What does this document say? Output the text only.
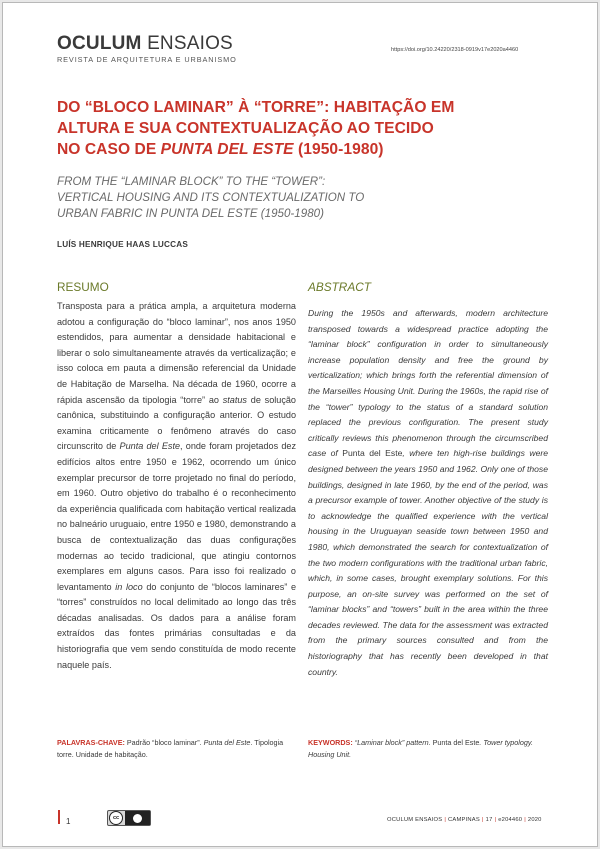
OCULUM ENSAIOS
REVISTA DE ARQUITETURA E URBANISMO
https://doi.org/10.24220/2318-0919v17e2020a4460
DO “BLOCO LAMINAR” À “TORRE”: HABITAÇÃO EM ALTURA E SUA CONTEXTUALIZAÇÃO AO TECIDO NO CASO DE PUNTA DEL ESTE (1950-1980)
FROM THE “LAMINAR BLOCK” TO THE “TOWER”:
VERTICAL HOUSING AND ITS CONTEXTUALIZATION TO
URBAN FABRIC IN PUNTA DEL ESTE (1950-1980)
LUÍS HENRIQUE HAAS LUCCAS
RESUMO	ABSTRACT

Transposta para a prática ampla, a arquitetura moderna adotou a configuração do “bloco laminar”, nos anos 1950 estendidos, para aumentar a densidade habitacional e liberar o solo simultaneamente através da verticalização; e isso coloca em pauta a dimensão referencial da Unidade de Habitação de Marselha. Na década de 1960, ocorre a rápida ascensão da tipologia “torre” ao status de solução canônica, substituindo a configuração anterior. O estudo examina criticamente o fenômeno através do caso circunscrito de Punta del Este, onde foram projetados dez edifícios altos entre 1950 e 1962, ocorrendo um único exemplar precursor de torre projetado no final do período, em 1960. Outro objetivo do trabalho é o reconhecimento da experiência qualificada com habitação vertical realizada no balneário uruguaio, entre 1950 e 1980, demonstrando a busca de contextualização das duas configurações modernas ao tecido tradicional, que atingiu contornos exemplares em alguns casos. Para isso foi realizado o levantamento in loco do conjunto de “blocos laminares” e “torres” construídos no local delimitado ao longo das três décadas analisadas. Os dados para a análise foram extraídos das fontes primárias consultadas e da historiografia que vem sendo constituída de modo recente naquele país.

During the 1950s and afterwards, modern architecture transposed towards a widespread practice adopting the “laminar block” configuration in order to simultaneously increase population density and free the ground by verticalization; which brings forth the referential dimension of the Marseilles Housing Unit. During the 1960s, the rapid rise of the “tower” typology to the status of a standard solution replaced the previous configuration. The present study critically reviews this phenomenon through the circumscribed case of Punta del Este, where ten high-rise buildings were designed between the years 1950 and 1962. Only one of those buildings, designed in late 1960, by the end of the period, was a precursor example of tower. Another objective of the study is to acknowledge the qualified experience with the vertical housing in the Uruguayan seaside town between 1950 and 1980, which demonstrated the search for contextualization of the two modern configurations with the traditional urban fabric, which, in some cases, brought exemplary solutions. For this purpose, an on-site survey was performed on the set of “laminar blocks” and “towers” built in the area within the three decades reviewed. The data for the assessment was extracted from the primary sources consulted and from the historiography that has recently been developed in that country.

PALAVRAS-CHAVE: Padrão “bloco laminar”. Punta del Este. Tipologia torre. Unidade de habitação.
KEYWORDS: “Laminar block” pattern. Punta del Este. Tower typology. Housing Unit.
1	cc	OCULUM ENSAIOS | CAMPINAS | 17 | e204460 | 2020
